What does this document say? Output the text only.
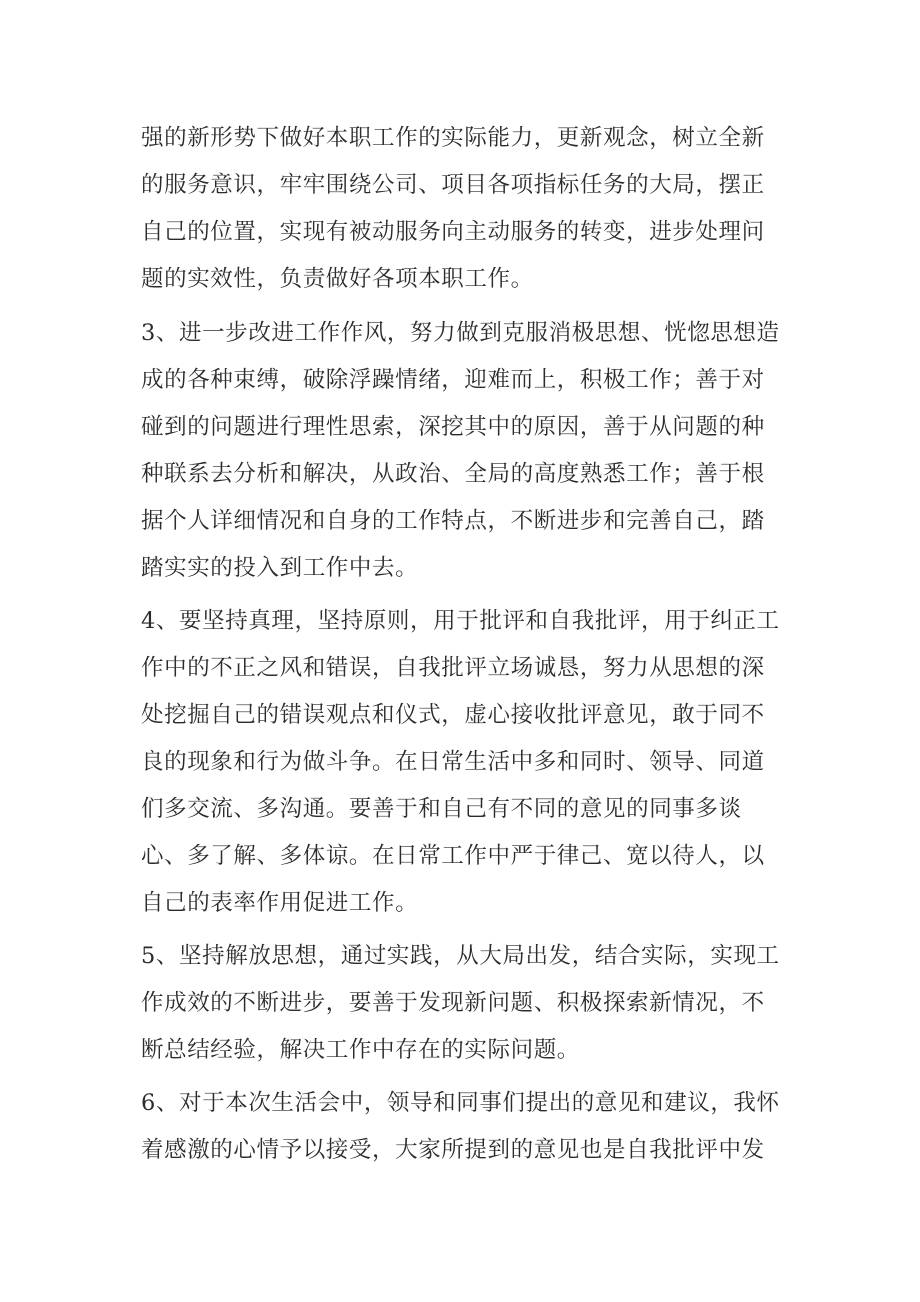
强的新形势下做好本职工作的实际能力，更新观念，树立全新
的服务意识，牢牢围绕公司、项目各项指标任务的大局，摆正
自己的位置，实现有被动服务向主动服务的转变，进步处理问
题的实效性，负责做好各项本职工作。
3、进一步改进工作作风，努力做到克服消极思想、恍惚思想造
成的各种束缚，破除浮躁情绪，迎难而上，积极工作；善于对
碰到的问题进行理性思索，深挖其中的原因，善于从问题的种
种联系去分析和解决，从政治、全局的高度熟悉工作；善于根
据个人详细情况和自身的工作特点，不断进步和完善自己，踏
踏实实的投入到工作中去。
4、要坚持真理，坚持原则，用于批评和自我批评，用于纠正工
作中的不正之风和错误，自我批评立场诚恳，努力从思想的深
处挖掘自己的错误观点和仪式，虚心接收批评意见，敢于同不
良的现象和行为做斗争。在日常生活中多和同时、领导、同道
们多交流、多沟通。要善于和自己有不同的意见的同事多谈
心、多了解、多体谅。在日常工作中严于律己、宽以待人，以
自己的表率作用促进工作。
5、坚持解放思想，通过实践，从大局出发，结合实际，实现工
作成效的不断进步，要善于发现新问题、积极探索新情况，不
断总结经验，解决工作中存在的实际问题。
6、对于本次生活会中，领导和同事们提出的意见和建议，我怀
着感激的心情予以接受，大家所提到的意见也是自我批评中发
